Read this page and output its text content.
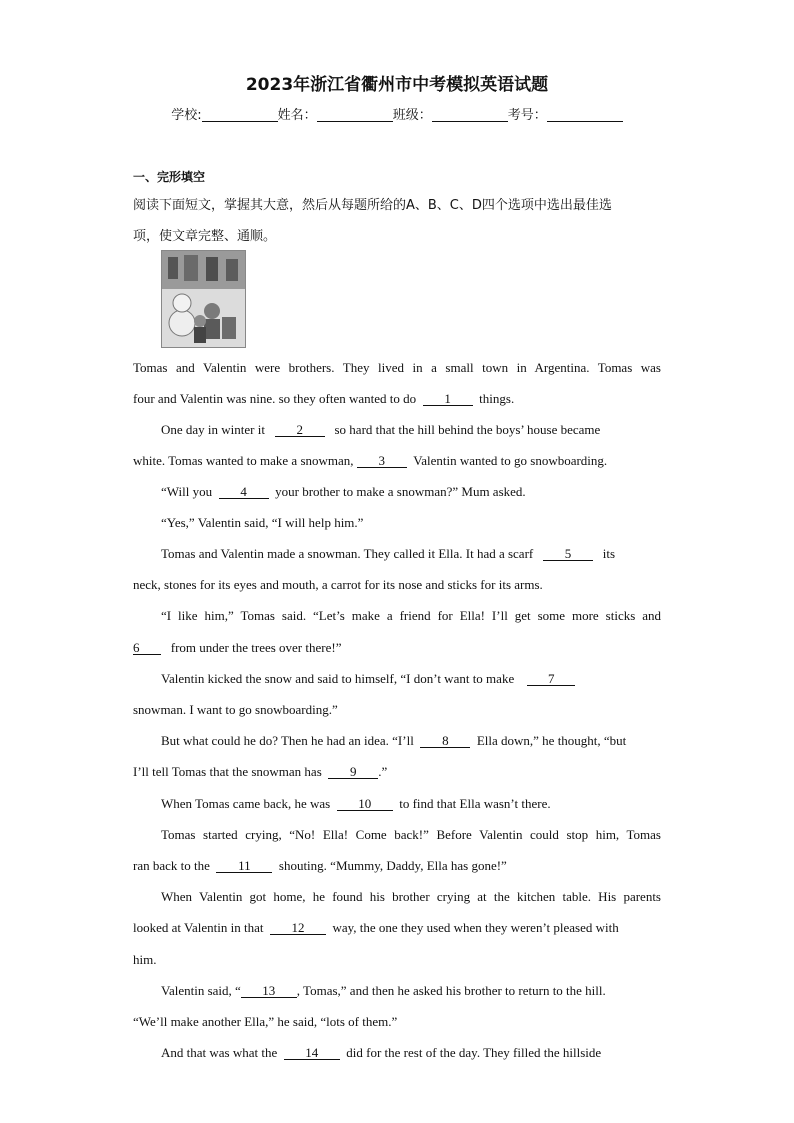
2023年浙江省衢州市中考模拟英语试题
学校:	姓名：	班级：	考号：
一、完形填空
阅读下面短文，掌握其大意，然后从每题所给的A、B、C、D四个选项中选出最佳选
项，使文章完整、通顺。
Tomas and Valentin were brothers. They lived in a small town in Argentina. Tomas was
four and Valentin was nine. so they often wanted to do 1 things.
One day in winter it 2 so hard that the hill behind the boys’ house became
white. Tomas wanted to make a snowman, 3 Valentin wanted to go snowboarding.
“Will you 4 your brother to make a snowman?” Mum asked.
“Yes,” Valentin said, “I will help him.”
Tomas and Valentin made a snowman. They called it Ella. It had a scarf 5 its
neck, stones for its eyes and mouth, a carrot for its nose and sticks for its arms.
“I like him,” Tomas said. “Let’s make a friend for Ella! I’ll get some more sticks and
6 from under the trees over there!”
Valentin kicked the snow and said to himself, “I don’t want to make	7
snowman. I want to go snowboarding.”
But what could he do? Then he had an idea. “I’ll 8 Ella down,” he thought, “but
I’ll tell Tomas that the snowman has 9 .”
When Tomas came back, he was 10 to find that Ella wasn’t there.
Tomas started crying, “No! Ella! Come back!” Before Valentin could stop him, Tomas
ran back to the 11 shouting. “Mummy, Daddy, Ella has gone!”
When Valentin got home, he found his brother crying at the kitchen table. His parents
looked at Valentin in that 12 way, the one they used when they weren’t pleased with
him.
Valentin said, “ 13 , Tomas,” and then he asked his brother to return to the hill.
“We’ll make another Ella,” he said, “lots of them.”
And that was what the 14 did for the rest of the day. They filled the hillside
